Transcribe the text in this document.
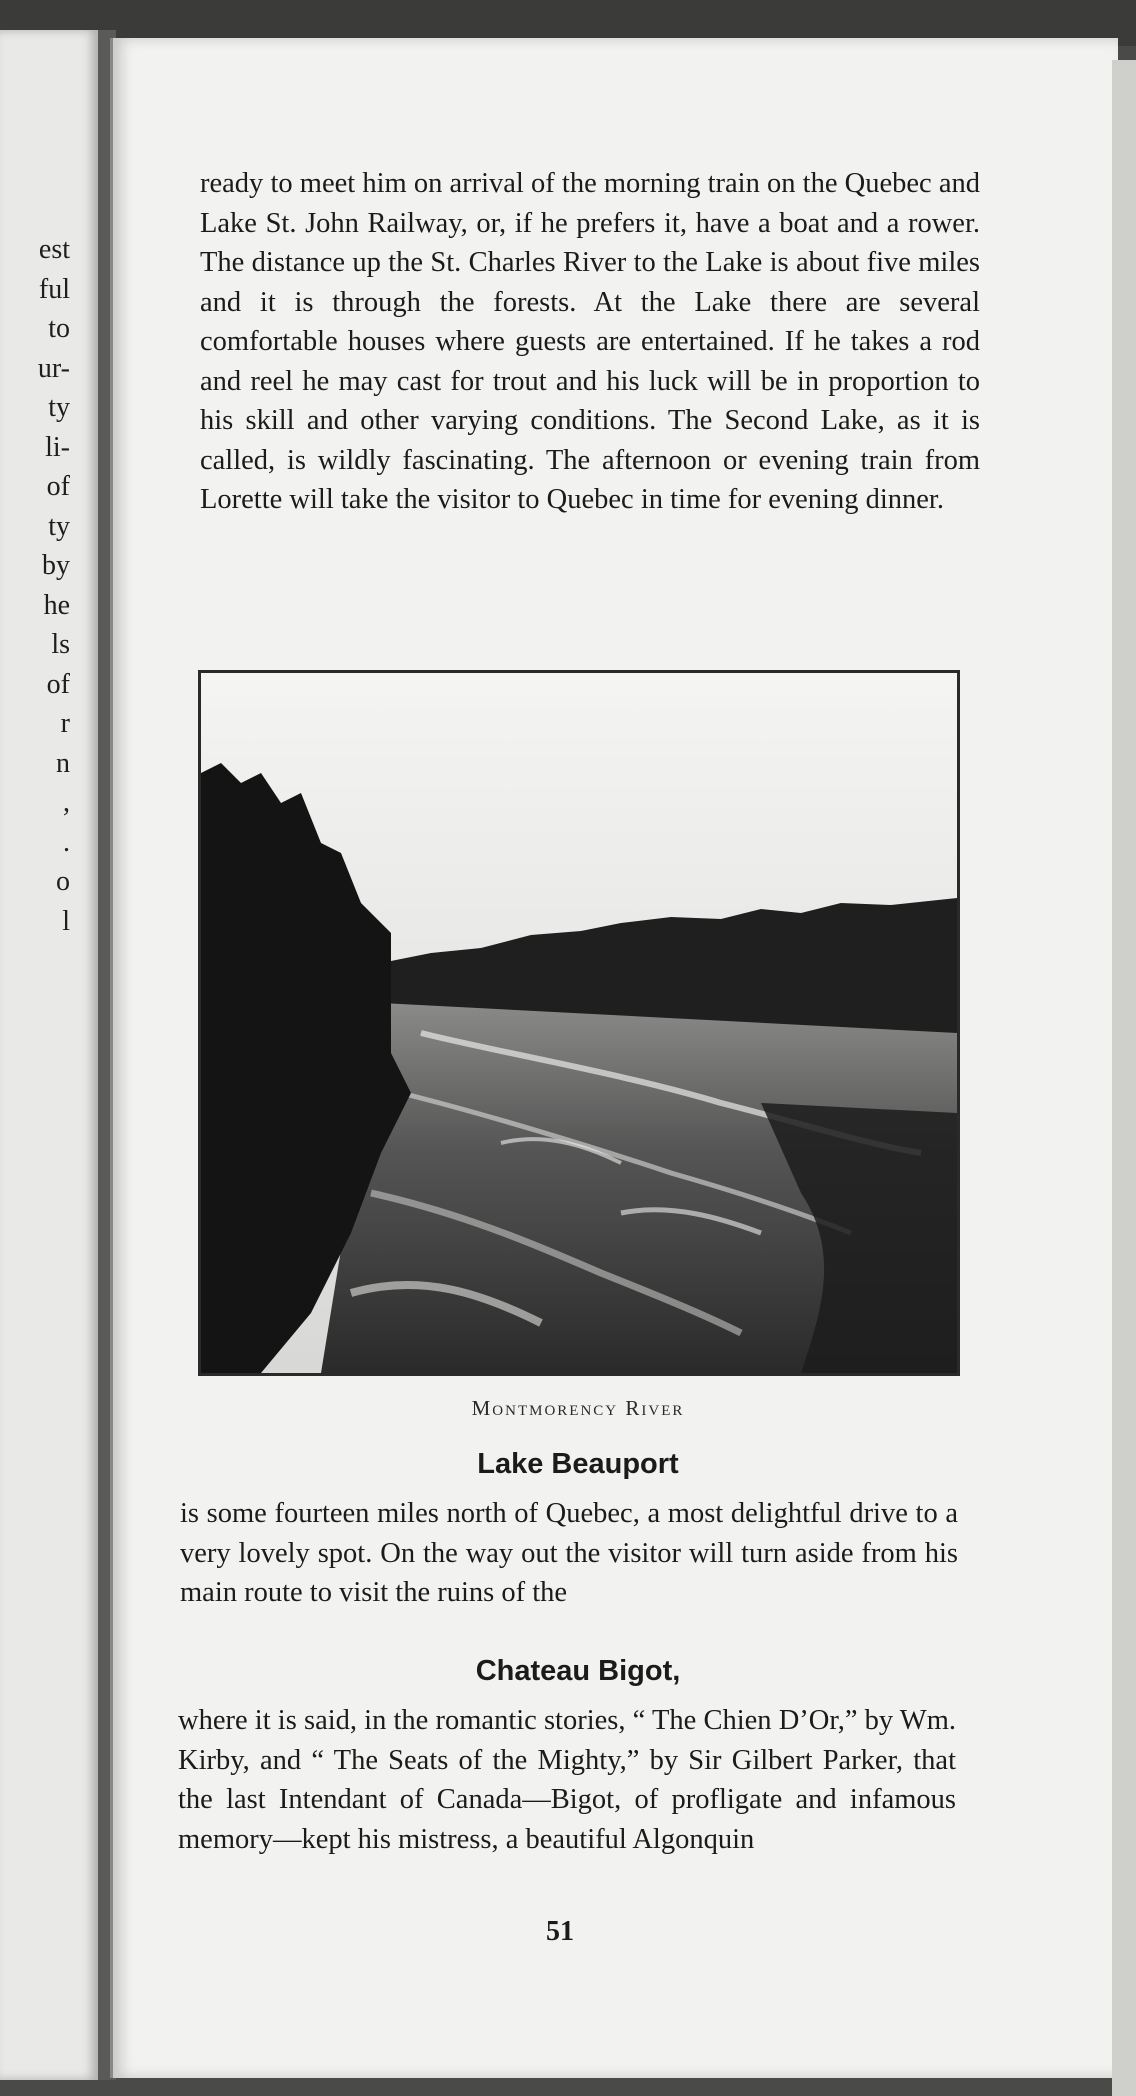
est
ful
to
ur-
ty
li-
of
ty
by
he
ls
of
r
n
,
.
o
l

ready to meet him on arrival of the morning train on the Quebec and Lake St. John Railway, or, if he prefers it, have a boat and a rower. The distance up the St. Charles River to the Lake is about five miles and it is through the forests. At the Lake there are several comfortable houses where guests are entertained. If he takes a rod and reel he may cast for trout and his luck will be in proportion to his skill and other varying conditions. The Second Lake, as it is called, is wildly fascinating. The afternoon or evening train from Lorette will take the visitor to Quebec in time for evening dinner.

Montmorency River
Lake Beauport

is some fourteen miles north of Quebec, a most delightful drive to a very lovely spot. On the way out the visitor will turn aside from his main route to visit the ruins of the

Chateau Bigot,

where it is said, in the romantic stories, “ The Chien D’Or,” by Wm. Kirby, and “ The Seats of the Mighty,” by Sir Gilbert Parker, that the last Intendant of Canada—Bigot, of profligate and infamous memory—kept his mistress, a beautiful Algonquin

51
